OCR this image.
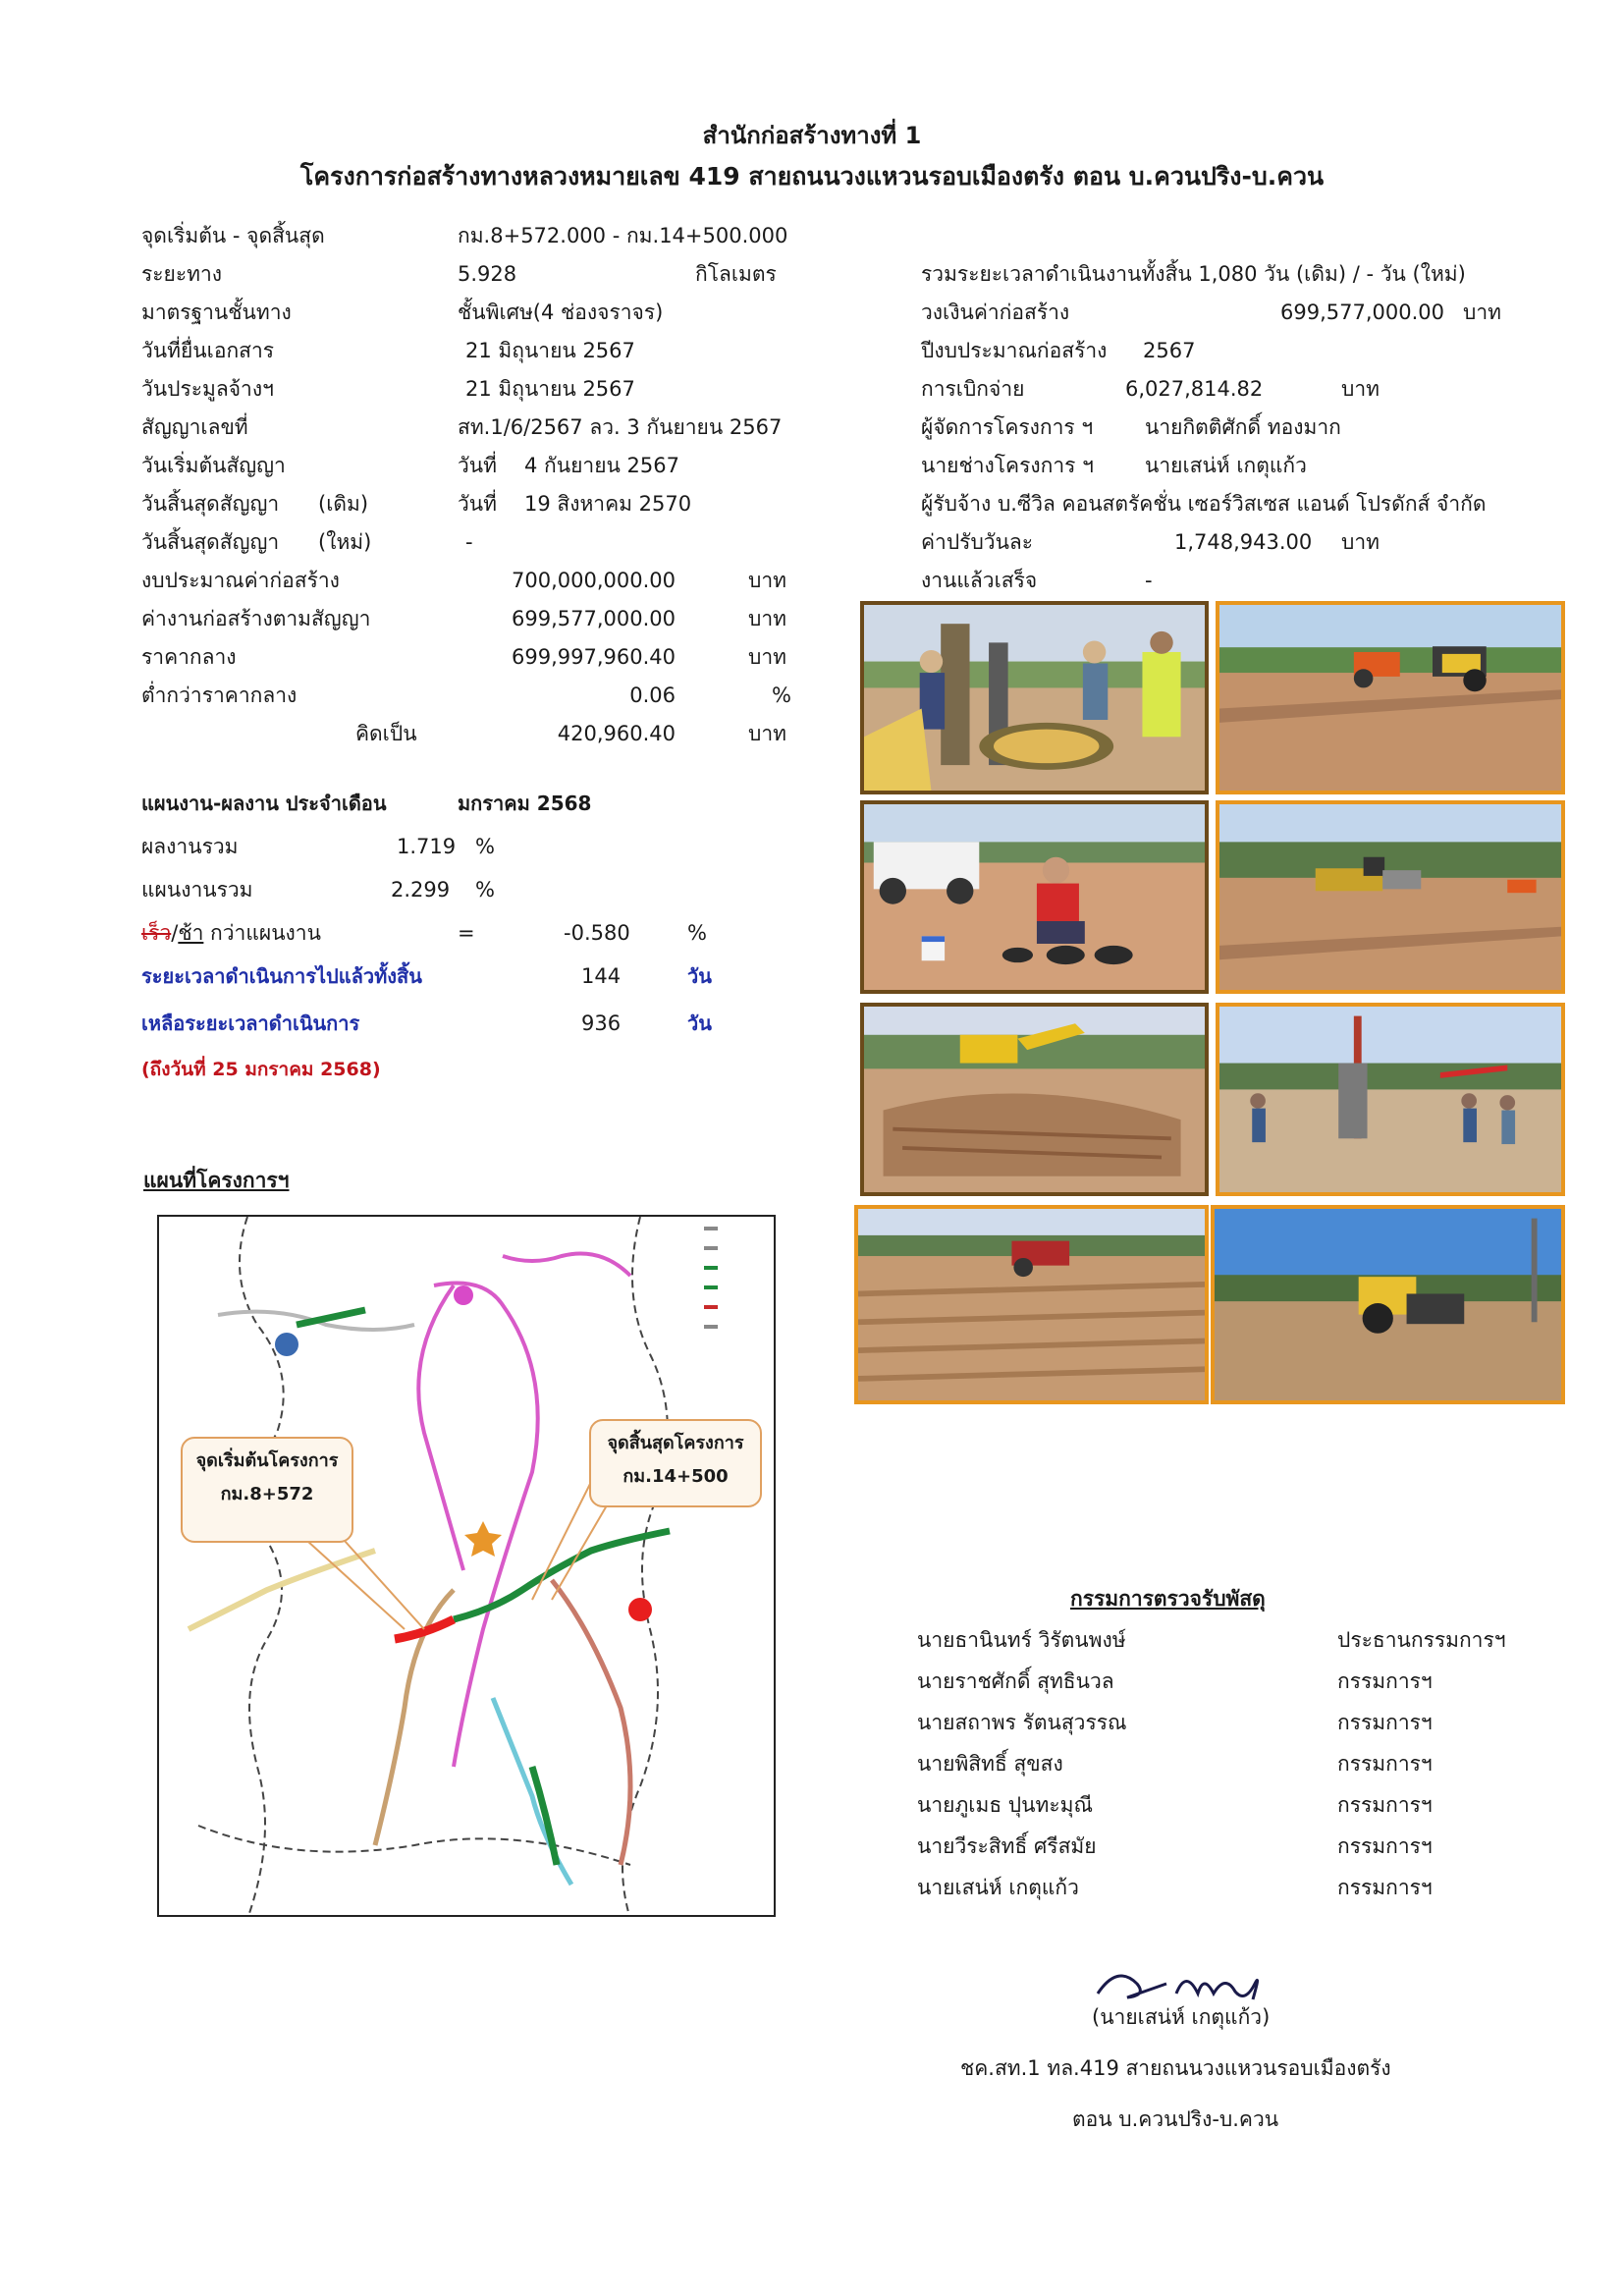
สำนักก่อสร้างทางที่ 1
โครงการก่อสร้างทางหลวงหมายเลข 419 สายถนนวงแหวนรอบเมืองตรัง ตอน บ.ควนปริง-บ.ควน
จุดเริ่มต้น - จุดสิ้นสุด	กม.8+572.000 - กม.14+500.000
ระยะทาง	5.928	กิโลเมตร
มาตรฐานชั้นทาง	ชั้นพิเศษ(4 ช่องจราจร)
วันที่ยื่นเอกสาร	21 มิถุนายน 2567
วันประมูลจ้างฯ	21 มิถุนายน 2567
สัญญาเลขที่	สท.1/6/2567 ลว. 3 กันยายน 2567
วันเริ่มต้นสัญญา	วันที่ 4 กันยายน 2567
วันสิ้นสุดสัญญา (เดิม)	วันที่ 19 สิงหาคม 2570
วันสิ้นสุดสัญญา (ใหม่)	-
งบประมาณค่าก่อสร้าง	700,000,000.00	บาท
ค่างานก่อสร้างตามสัญญา	699,577,000.00	บาท
ราคากลาง	699,997,960.40	บาท
ต่ำกว่าราคากลาง	0.06	%
คิดเป็น	420,960.40	บาท
รวมระยะเวลาดำเนินงานทั้งสิ้น 1,080 วัน (เดิม) / - วัน (ใหม่)
วงเงินค่าก่อสร้าง	699,577,000.00 บาท
ปีงบประมาณก่อสร้าง 2567
การเบิกจ่าย	6,027,814.82	บาท
ผู้จัดการโครงการ ฯ	นายกิตติศักดิ์ ทองมาก
นายช่างโครงการ ฯ นายเสน่ห์ เกตุแก้ว
ผู้รับจ้าง บ.ซีวิล คอนสตรัคชั่น เซอร์วิสเซส แอนด์ โปรดักส์ จำกัด
ค่าปรับวันละ	1,748,943.00 บาท
งานแล้วเสร็จ	-
แผนงาน-ผลงาน ประจำเดือน	มกราคม 2568
ผลงานรวม	1.719 %
แผนงานรวม	2.299 %
เร็ว/ช้า กว่าแผนงาน	=	-0.580	%
ระยะเวลาดำเนินการไปแล้วทั้งสิ้น	144	วัน
เหลือระยะเวลาดำเนินการ	936	วัน
(ถึงวันที่ 25 มกราคม 2568)
แผนที่โครงการฯ
จุดเริ่มต้นโครงการ
กม.8+572
จุดสิ้นสุดโครงการ
กม.14+500
กรรมการตรวจรับพัสดุ
นายธานินทร์ วิรัตนพงษ์	ประธานกรรมการฯ
นายราชศักดิ์ สุทธินวล	กรรมการฯ
นายสถาพร รัตนสุวรรณ	กรรมการฯ
นายพิสิทธิ์ สุขสง	กรรมการฯ
นายภูเมธ ปุนทะมุณี	กรรมการฯ
นายวีระสิทธิ์ ศรีสมัย	กรรมการฯ
นายเสน่ห์ เกตุแก้ว	กรรมการฯ
(นายเสน่ห์ เกตุแก้ว)
ชค.สท.1 ทล.419 สายถนนวงแหวนรอบเมืองตรัง
ตอน บ.ควนปริง-บ.ควน
